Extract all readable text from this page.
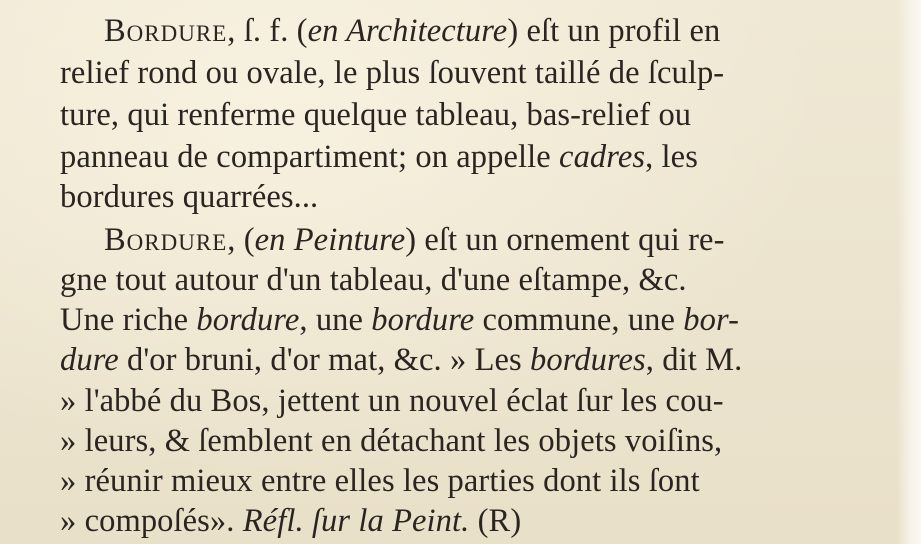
Bordure, ſ. f. (en Architecture) eſt un profil en
relief rond ou ovale, le plus ſouvent taillé de ſculp-
ture, qui renferme quelque tableau, bas-relief ou
panneau de compartiment; on appelle cadres, les
bordures quarrées...
Bordure, (en Peinture) eſt un ornement qui re-
gne tout autour d'un tableau, d'une eſtampe, &c.
Une riche bordure, une bordure commune, une bor-
dure d'or bruni, d'or mat, &c. » Les bordures, dit M.
» l'abbé du Bos, jettent un nouvel éclat ſur les cou-
» leurs, & ſemblent en détachant les objets voiſins,
» réunir mieux entre elles les parties dont ils ſont
» compoſés». Réfl. ſur la Peint. (R)
